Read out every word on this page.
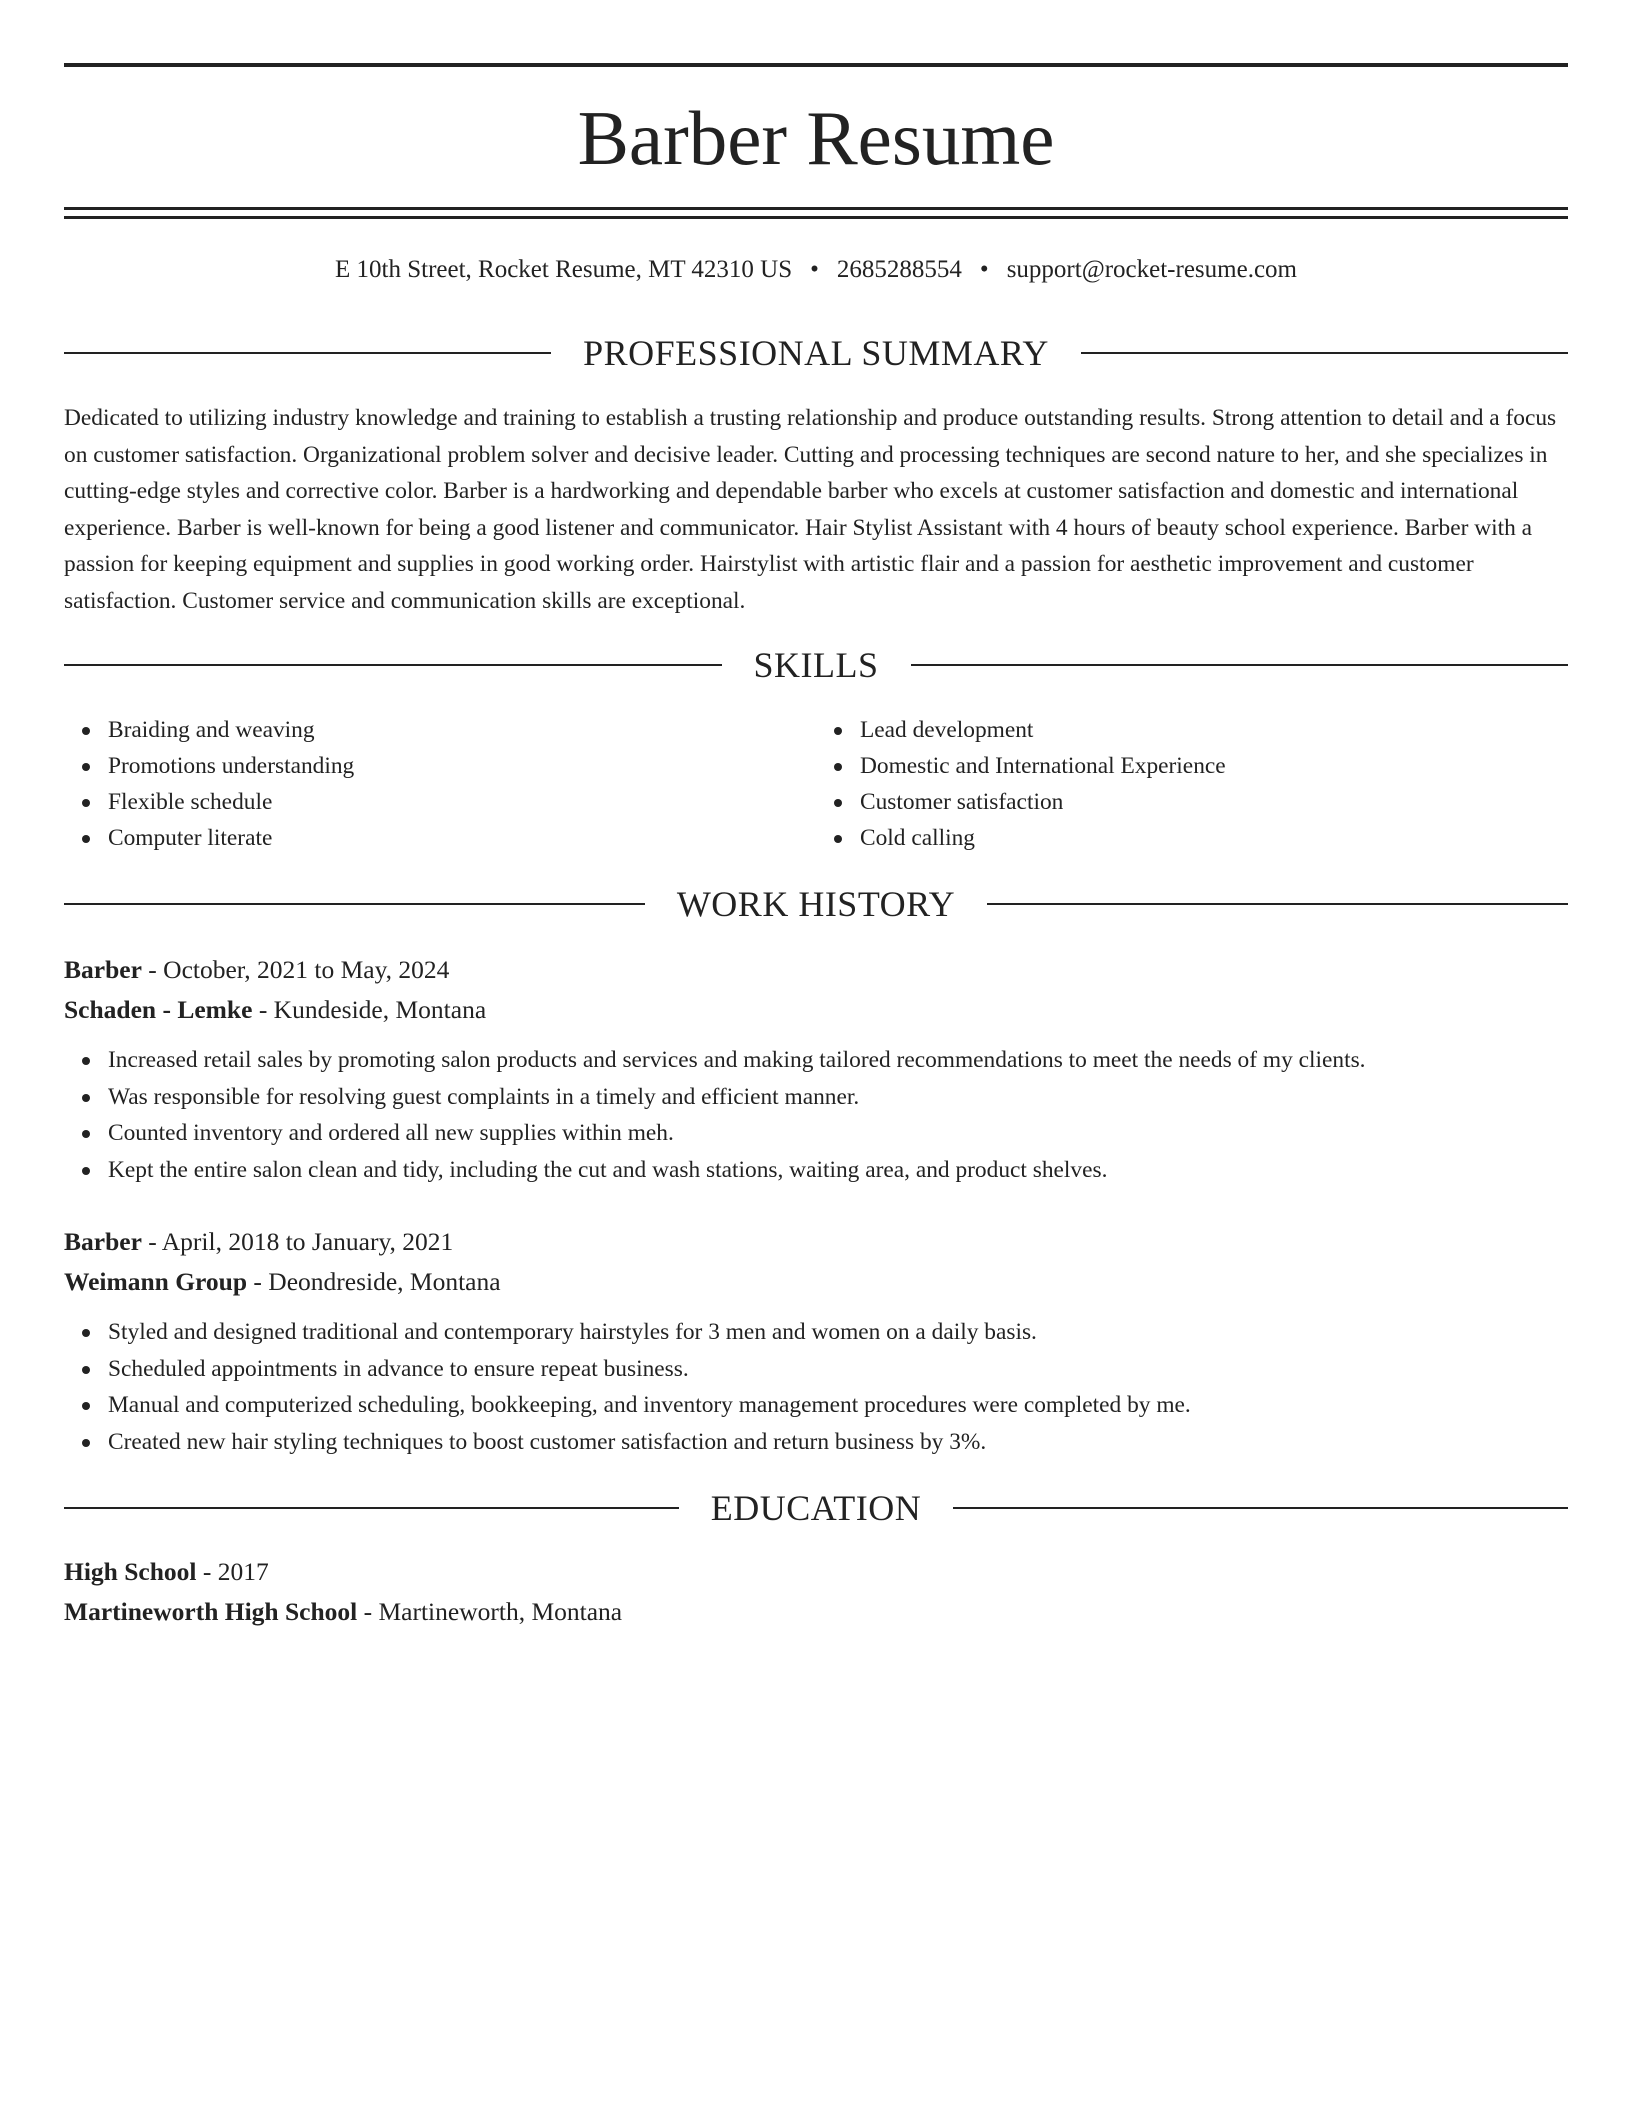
Barber Resume
E 10th Street, Rocket Resume, MT 42310 US • 2685288554 • support@rocket-resume.com
PROFESSIONAL SUMMARY

Dedicated to utilizing industry knowledge and training to establish a trusting relationship and produce outstanding results. Strong attention to detail and a focus on customer satisfaction. Organizational problem solver and decisive leader. Cutting and processing techniques are second nature to her, and she specializes in cutting-edge styles and corrective color. Barber is a hardworking and dependable barber who excels at customer satisfaction and domestic and international experience. Barber is well-known for being a good listener and communicator. Hair Stylist Assistant with 4 hours of beauty school experience. Barber with a passion for keeping equipment and supplies in good working order. Hairstylist with artistic flair and a passion for aesthetic improvement and customer satisfaction. Customer service and communication skills are exceptional.

SKILLS
Braiding and weaving
Promotions understanding
Flexible schedule
Computer literate
Lead development
Domestic and International Experience
Customer satisfaction
Cold calling
WORK HISTORY
Barber - October, 2021 to May, 2024
Schaden - Lemke - Kundeside, Montana
Increased retail sales by promoting salon products and services and making tailored recommendations to meet the needs of my clients.
Was responsible for resolving guest complaints in a timely and efficient manner.
Counted inventory and ordered all new supplies within meh.
Kept the entire salon clean and tidy, including the cut and wash stations, waiting area, and product shelves.
Barber - April, 2018 to January, 2021
Weimann Group - Deondreside, Montana
Styled and designed traditional and contemporary hairstyles for 3 men and women on a daily basis.
Scheduled appointments in advance to ensure repeat business.
Manual and computerized scheduling, bookkeeping, and inventory management procedures were completed by me.
Created new hair styling techniques to boost customer satisfaction and return business by 3%.
EDUCATION
High School - 2017
Martineworth High School - Martineworth, Montana
